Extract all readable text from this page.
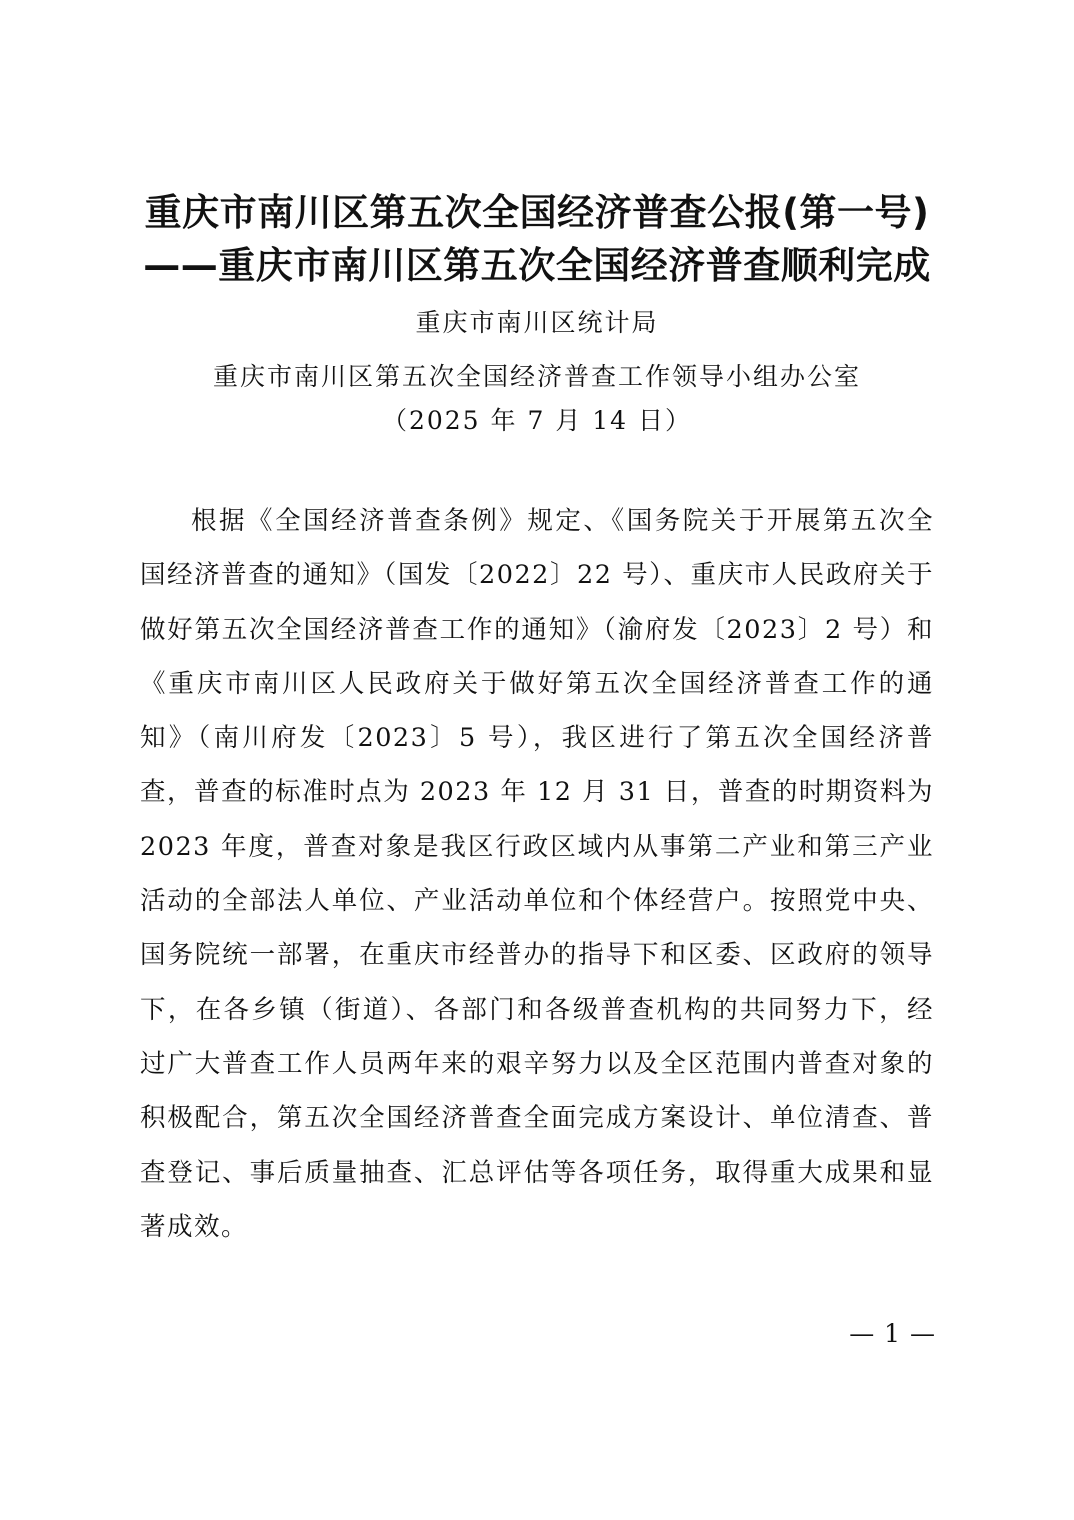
重庆市南川区第五次全国经济普查公报(第一号)
——重庆市南川区第五次全国经济普查顺利完成
重庆市南川区统计局
重庆市南川区第五次全国经济普查工作领导小组办公室
（2025 年 7 月 14 日）

根据《全国经济普查条例》规定、《国务院关于开展第五次全国经济普查的通知》（国发〔2022〕22 号）、重庆市人民政府关于做好第五次全国经济普查工作的通知》（渝府发〔2023〕2 号）和《重庆市南川区人民政府关于做好第五次全国经济普查工作的通知》（南川府发〔2023〕5 号），我区进行了第五次全国经济普查，普查的标准时点为 2023 年 12 月 31 日，普查的时期资料为 2023 年度，普查对象是我区行政区域内从事第二产业和第三产业活动的全部法人单位、产业活动单位和个体经营户。按照党中央、国务院统一部署，在重庆市经普办的指导下和区委、区政府的领导下，在各乡镇（街道）、各部门和各级普查机构的共同努力下，经过广大普查工作人员两年来的艰辛努力以及全区范围内普查对象的积极配合，第五次全国经济普查全面完成方案设计、单位清查、普查登记、事后质量抽查、汇总评估等各项任务，取得重大成果和显著成效。

— 1 —
